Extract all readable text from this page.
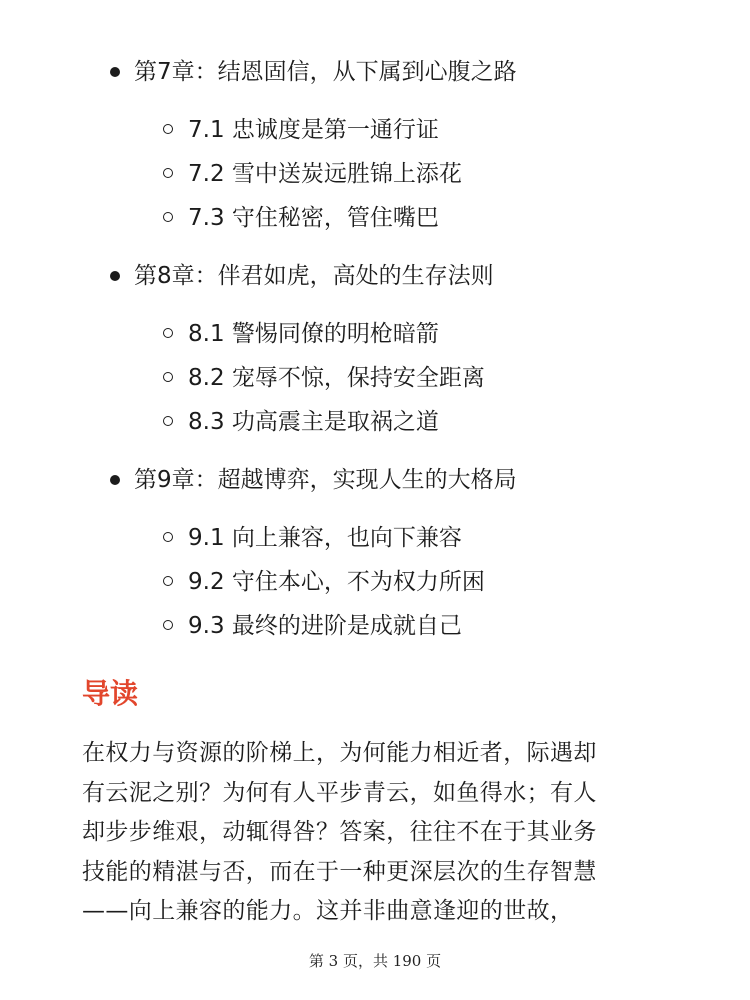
第7章：结恩固信，从下属到心腹之路
7.1 忠诚度是第一通行证
7.2 雪中送炭远胜锦上添花
7.3 守住秘密，管住嘴巴
第8章：伴君如虎，高处的生存法则
8.1 警惕同僚的明枪暗箭
8.2 宠辱不惊，保持安全距离
8.3 功高震主是取祸之道
第9章：超越博弈，实现人生的大格局
9.1 向上兼容，也向下兼容
9.2 守住本心，不为权力所困
9.3 最终的进阶是成就自己
导读

在权力与资源的阶梯上，为何能力相近者，际遇却
有云泥之别？为何有人平步青云，如鱼得水；有人
却步步维艰，动辄得咎？答案，往往不在于其业务
技能的精湛与否，而在于一种更深层次的生存智慧
——向上兼容的能力。这并非曲意逢迎的世故，

第 3 页，共 190 页
